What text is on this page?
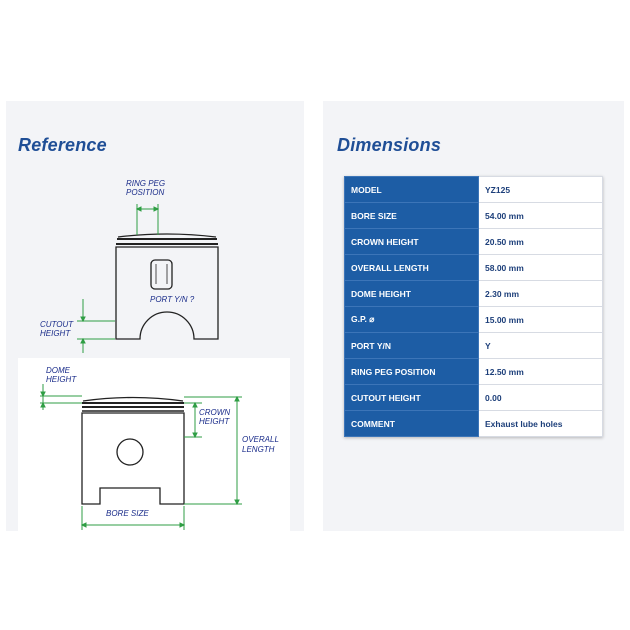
RING PEG
POSITION
PORT Y/N ?
CUTOUT
HEIGHT
DOME
HEIGHT
CROWN
HEIGHT
OVERALL
LENGTH
BORE SIZE
Reference	Dimensions
MODEL	YZ125
BORE SIZE	54.00 mm
CROWN HEIGHT	20.50 mm
OVERALL LENGTH	58.00 mm
DOME HEIGHT	2.30 mm
G.P. ⌀	15.00 mm
PORT Y/N	Y
RING PEG POSITION	12.50 mm
CUTOUT HEIGHT	0.00
COMMENT	Exhaust lube holes
